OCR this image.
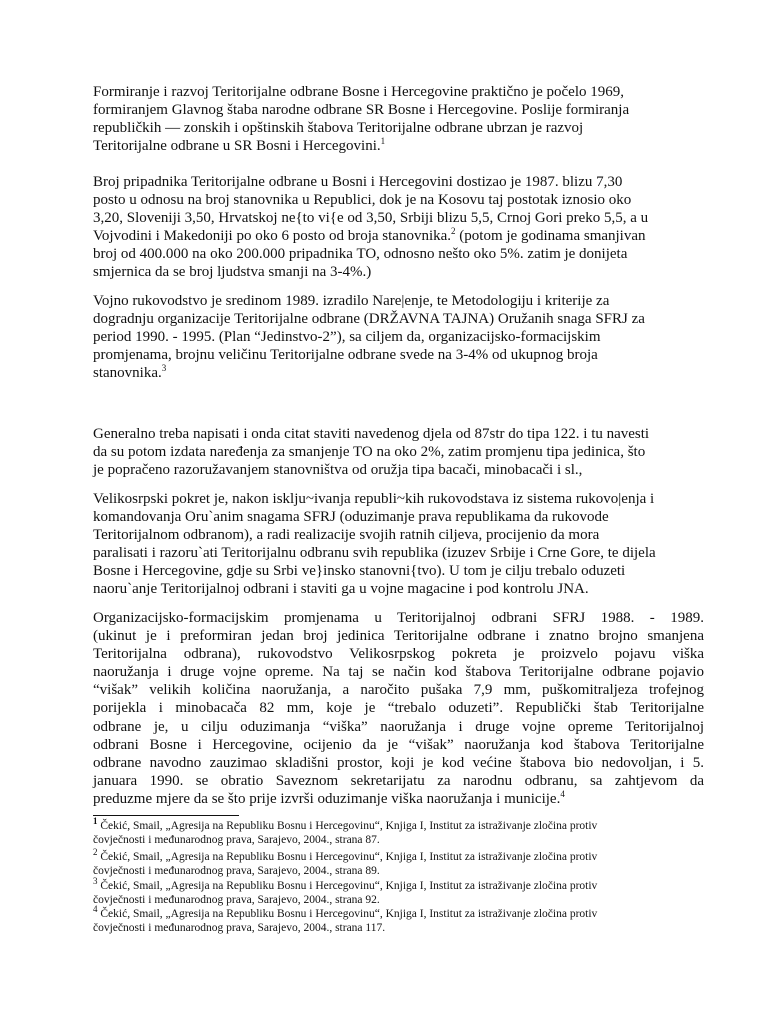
Formiranje i razvoj Teritorijalne odbrane Bosne i Hercegovine praktično je počelo 1969,
formiranjem Glavnog štaba narodne odbrane SR Bosne i Hercegovine. Poslije formiranja
republičkih — zonskih i opštinskih štabova Teritorijalne odbrane ubrzan je razvoj
Teritorijalne odbrane u SR Bosni i Hercegovini.$^1$

Broj pripadnika Teritorijalne odbrane u Bosni i Hercegovini dostizao je 1987. blizu 7,30
posto u odnosu na broj stanovnika u Republici, dok je na Kosovu taj postotak iznosio oko
3,20, Sloveniji 3,50, Hrvatskoj ne{to vi{e od 3,50, Srbiji blizu 5,5, Crnoj Gori preko 5,5, a u
Vojvodini i Makedoniji po oko 6 posto od broja stanovnika.$^2$ (potom je godinama smanjivan
broj od 400.000 na oko 200.000 pripadnika TO, odnosno nešto oko 5%. zatim je donijeta
smjernica da se broj ljudstva smanji na 3-4%.)

Vojno rukovodstvo je sredinom 1989. izradilo Nare|enje, te Metodologiju i kriterije za
dogradnju organizacije Teritorijalne odbrane (DRŽAVNA TAJNA) Oružanih snaga SFRJ za
period 1990. - 1995. (Plan “Jedinstvo-2”), sa ciljem da, organizacijsko-formacijskim
promjenama, brojnu veličinu Teritorijalne odbrane svede na 3-4% od ukupnog broja
stanovnika.$^3$

Generalno treba napisati i onda citat staviti navedenog djela od 87str do tipa 122. i tu navesti
da su potom izdata naređenja za smanjenje TO na oko 2%, zatim promjenu tipa jedinica, što
je popračeno razoružavanjem stanovništva od oružja tipa bacači, minobacači i sl.,

Velikosrpski pokret je, nakon isklju~ivanja republi~kih rukovodstava iz sistema rukovo|enja i
komandovanja Oru`anim snagama SFRJ (oduzimanje prava republikama da rukovode
Teritorijalnom odbranom), a radi realizacije svojih ratnih ciljeva, procijenio da mora
paralisati i razoru`ati Teritorijalnu odbranu svih republika (izuzev Srbije i Crne Gore, te dijela
Bosne i Hercegovine, gdje su Srbi ve}insko stanovni{tvo). U tom je cilju trebalo oduzeti
naoru`anje Teritorijalnoj odbrani i staviti ga u vojne magacine i pod kontrolu JNA.

Organizacijsko-formacijskim promjenama u Teritorijalnoj odbrani SFRJ 1988. - 1989.
(ukinut je i preformiran jedan broj jedinica Teritorijalne odbrane i znatno brojno smanjena
Teritorijalna odbrana), rukovodstvo Velikosrpskog pokreta je proizvelo pojavu viška
naoružanja i druge vojne opreme. Na taj se način kod štabova Teritorijalne odbrane pojavio
“višak” velikih količina naoružanja, a naročito pušaka 7,9 mm, puškomitraljeza trofejnog
porijekla i minobacača 82 mm, koje je “trebalo oduzeti”. Republički štab Teritorijalne
odbrane je, u cilju oduzimanja “viška” naoružanja i druge vojne opreme Teritorijalnoj
odbrani Bosne i Hercegovine, ocijenio da je “višak” naoružanja kod štabova Teritorijalne
odbrane navodno zauzimao skladišni prostor, koji je kod većine štabova bio nedovoljan, i 5.
januara 1990. se obratio Saveznom sekretarijatu za narodnu odbranu, sa zahtjevom da
preduzme mjere da se što prije izvrši oduzimanje viška naoružanja i municije.$^4$

$^1$ Čekić, Smail, „Agresija na Republiku Bosnu i Hercegovinu“, Knjiga I, Institut za istraživanje zločina protiv
čovječnosti i međunarodnog prava, Sarajevo, 2004., strana 87.

$^2$ Čekić, Smail, „Agresija na Republiku Bosnu i Hercegovinu“, Knjiga I, Institut za istraživanje zločina protiv
čovječnosti i međunarodnog prava, Sarajevo, 2004., strana 89.

$^3$ Čekić, Smail, „Agresija na Republiku Bosnu i Hercegovinu“, Knjiga I, Institut za istraživanje zločina protiv
čovječnosti i međunarodnog prava, Sarajevo, 2004., strana 92.

$^4$ Čekić, Smail, „Agresija na Republiku Bosnu i Hercegovinu“, Knjiga I, Institut za istraživanje zločina protiv
čovječnosti i međunarodnog prava, Sarajevo, 2004., strana 117.
